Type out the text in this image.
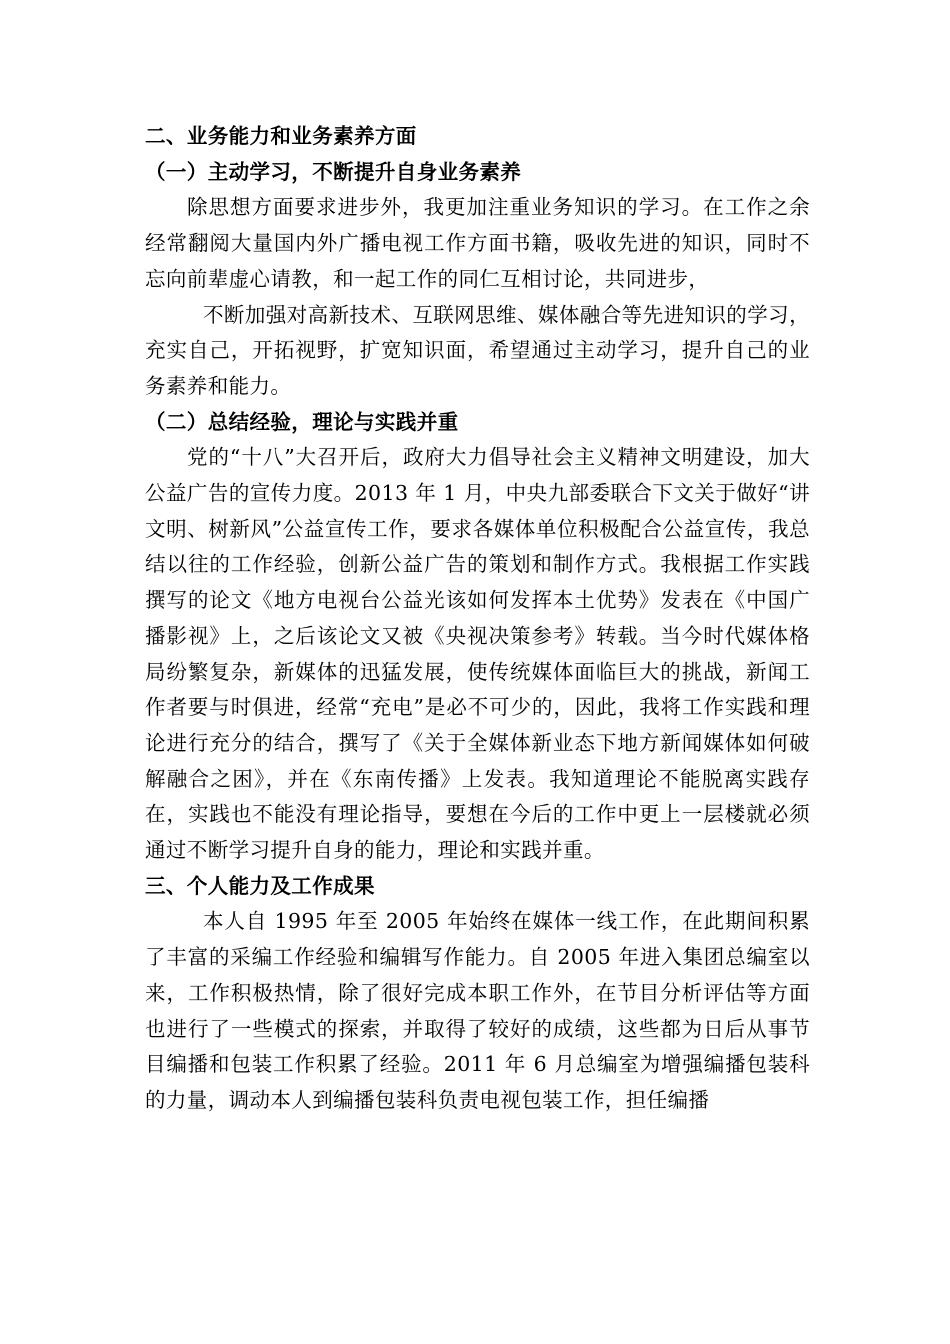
二、业务能力和业务素养方面
（一）主动学习，不断提升自身业务素养

除思想方面要求进步外，我更加注重业务知识的学习。在工作之余经常翻阅大量国内外广播电视工作方面书籍，吸收先进的知识，同时不忘向前辈虚心请教，和一起工作的同仁互相讨论，共同进步，

不断加强对高新技术、互联网思维、媒体融合等先进知识的学习，充实自己，开拓视野，扩宽知识面，希望通过主动学习，提升自己的业务素养和能力。

（二）总结经验，理论与实践并重

党的“十八”大召开后，政府大力倡导社会主义精神文明建设，加大公益广告的宣传力度。2013 年 1 月，中央九部委联合下文关于做好“讲文明、树新风”公益宣传工作，要求各媒体单位积极配合公益宣传，我总结以往的工作经验，创新公益广告的策划和制作方式。我根据工作实践撰写的论文《地方电视台公益光该如何发挥本土优势》发表在《中国广播影视》上，之后该论文又被《央视决策参考》转载。当今时代媒体格局纷繁复杂，新媒体的迅猛发展，使传统媒体面临巨大的挑战，新闻工作者要与时俱进，经常“充电”是必不可少的，因此，我将工作实践和理论进行充分的结合，撰写了《关于全媒体新业态下地方新闻媒体如何破解融合之困》，并在《东南传播》上发表。我知道理论不能脱离实践存在，实践也不能没有理论指导，要想在今后的工作中更上一层楼就必须通过不断学习提升自身的能力，理论和实践并重。

三、个人能力及工作成果

本人自 1995 年至 2005 年始终在媒体一线工作，在此期间积累了丰富的采编工作经验和编辑写作能力。自 2005 年进入集团总编室以来，工作积极热情，除了很好完成本职工作外，在节目分析评估等方面也进行了一些模式的探索，并取得了较好的成绩，这些都为日后从事节目编播和包装工作积累了经验。2011 年 6 月总编室为增强编播包装科的力量，调动本人到编播包装科负责电视包装工作，担任编播
